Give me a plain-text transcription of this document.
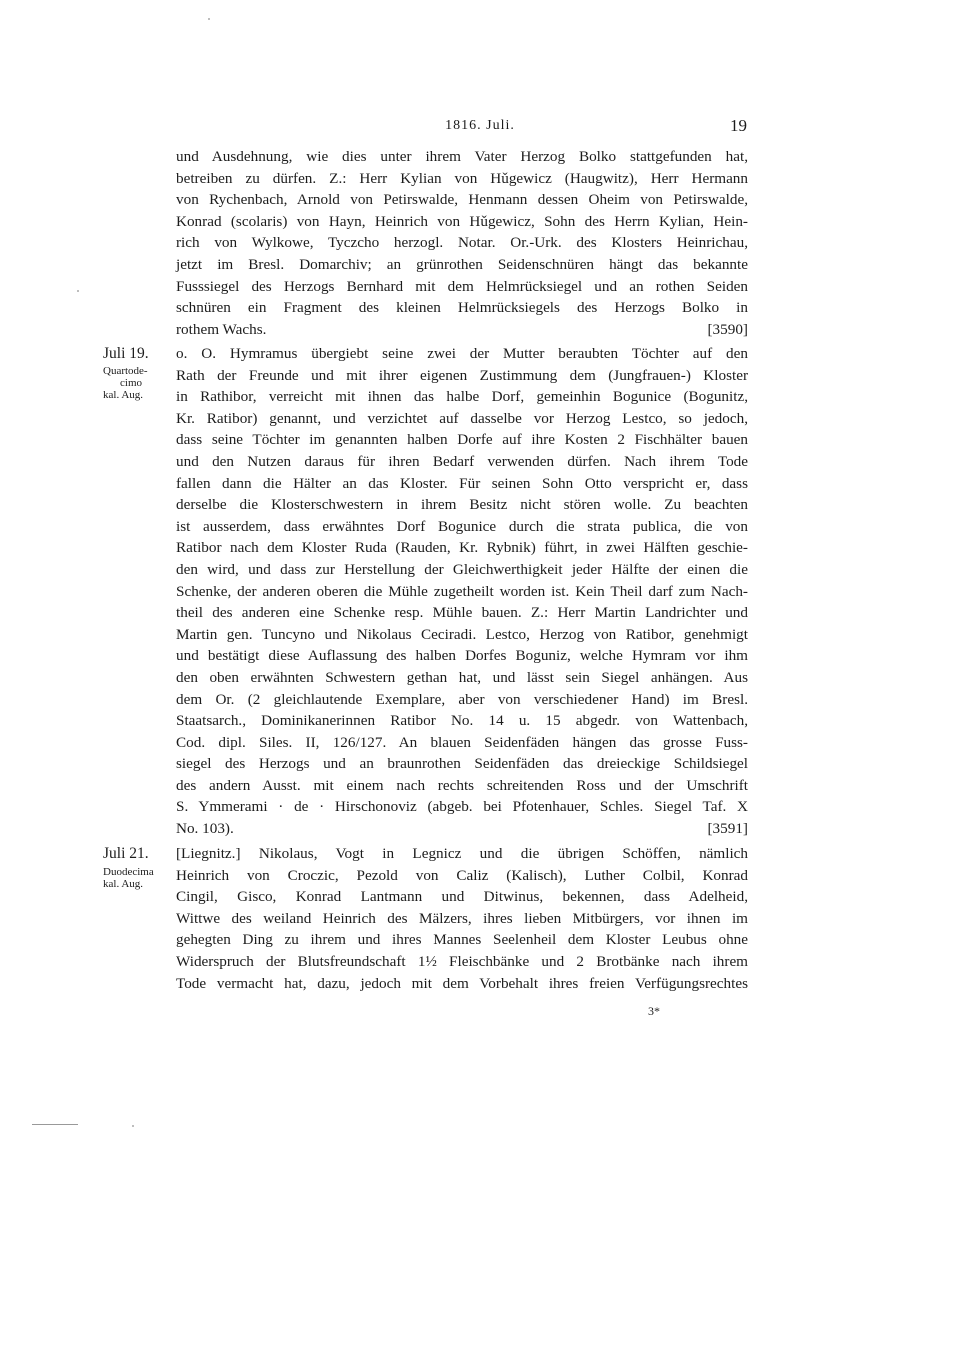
1816. Juli.	19
und Ausdehnung, wie dies unter ihrem Vater Herzog Bolko stattgefunden hat,
betreiben zu dürfen. Z.: Herr Kylian von Hǔgewicz (Haugwitz), Herr Hermann
von Rychenbach, Arnold von Petirswalde, Henmann dessen Oheim von Petirswalde,
Konrad (scolaris) von Hayn, Heinrich von Hǔgewicz, Sohn des Herrn Kylian, Hein-
rich von Wylkowe, Tyczcho herzogl. Notar. Or.-Urk. des Klosters Heinrichau,
jetzt im Bresl. Domarchiv; an grünrothen Seidenschnüren hängt das bekannte
Fusssiegel des Herzogs Bernhard mit dem Helmrücksiegel und an rothen Seiden
schnüren ein Fragment des kleinen Helmrücksiegels des Herzogs Bolko in
rothem Wachs.	[3590]
Juli 19.
Quartode-
cimo
kal. Aug.
o. O. Hymramus übergiebt seine zwei der Mutter beraubten Töchter auf den
Rath der Freunde und mit ihrer eigenen Zustimmung dem (Jungfrauen-) Kloster
in Rathibor, verreicht mit ihnen das halbe Dorf, gemeinhin Bogunice (Bogunitz,
Kr. Ratibor) genannt, und verzichtet auf dasselbe vor Herzog Lestco, so jedoch,
dass seine Töchter im genannten halben Dorfe auf ihre Kosten 2 Fischhälter bauen
und den Nutzen daraus für ihren Bedarf verwenden dürfen. Nach ihrem Tode
fallen dann die Hälter an das Kloster. Für seinen Sohn Otto verspricht er, dass
derselbe die Klosterschwestern in ihrem Besitz nicht stören wolle. Zu beachten
ist ausserdem, dass erwähntes Dorf Bogunice durch die strata publica, die von
Ratibor nach dem Kloster Ruda (Rauden, Kr. Rybnik) führt, in zwei Hälften geschie-
den wird, und dass zur Herstellung der Gleichwerthigkeit jeder Hälfte der einen die
Schenke, der anderen oberen die Mühle zugetheilt worden ist. Kein Theil darf zum Nach-
theil des anderen eine Schenke resp. Mühle bauen. Z.: Herr Martin Landrichter und
Martin gen. Tuncyno und Nikolaus Ceciradi. Lestco, Herzog von Ratibor, genehmigt
und bestätigt diese Auflassung des halben Dorfes Boguniz, welche Hymram vor ihm
den oben erwähnten Schwestern gethan hat, und lässt sein Siegel anhängen. Aus
dem Or. (2 gleichlautende Exemplare, aber von verschiedener Hand) im Bresl.
Staatsarch., Dominikanerinnen Ratibor No. 14 u. 15 abgedr. von Wattenbach,
Cod. dipl. Siles. II, 126/127. An blauen Seidenfäden hängen das grosse Fuss-
siegel des Herzogs und an braunrothen Seidenfäden das dreieckige Schildsiegel
des andern Ausst. mit einem nach rechts schreitenden Ross und der Umschrift
S. Ymmerami · de · Hirschonoviz (abgeb. bei Pfotenhauer, Schles. Siegel Taf. X
No. 103).	[3591]
Juli 21.
Duodecima
kal. Aug.
[Liegnitz.] Nikolaus, Vogt in Legnicz und die übrigen Schöffen, nämlich
Heinrich von Croczic, Pezold von Caliz (Kalisch), Luther Colbil, Konrad
Cingil, Gisco, Konrad Lantmann und Ditwinus, bekennen, dass Adelheid,
Wittwe des weiland Heinrich des Mälzers, ihres lieben Mitbürgers, vor ihnen im
gehegten Ding zu ihrem und ihres Mannes Seelenheil dem Kloster Leubus ohne
Widerspruch der Blutsfreundschaft 1½ Fleischbänke und 2 Brotbänke nach ihrem
Tode vermacht hat, dazu, jedoch mit dem Vorbehalt ihres freien Verfügungsrechtes
3*
